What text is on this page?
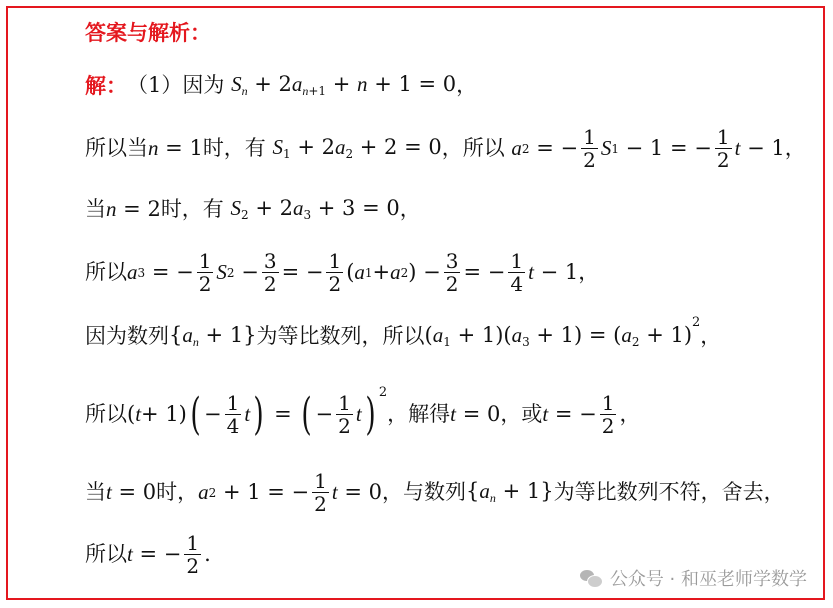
答案与解析：
解： （1）因为 $S_n + 2a_{n+1} + n + 1 = 0$ ，
所以当 n = 1 时，有 $S_1 + 2a_2 + 2 = 0$ ，所以
a 2 = − $\frac{1}{2}$ S 1 − 1 = − $\frac{1}{2}$ t − 1 ，
当 n = 2 时，有 $S_2 + 2a_3 + 3 = 0$ ，
所以 a 3 = − $\frac{1}{2}$ S $2 - \frac{3}{2}$ = − $\frac{1}{2}$ ( a 1 + a 2 ) − $\frac{3}{2}$ = − $\frac{1}{4}$ t − 1 ，
因为数列 $\{a_n + 1\}$ 为等比数列，所以 $(a_1 + 1)(a_3 + 1) = (a_2 + 1)^2$
，
所以 ( t + 1) ( − $\frac{1}{4}$ t ) = ( − $\frac{1}{2}$ t ) 2
，解得 t = 0 ，或 t = − $\frac{1}{2}$ ，
当 t = 0 时， a 2 + 1 = − $\frac{1}{2}$ t = 0 ，与数列 $\{a_n + 1\}$ 为等比数列不符，舍去，
所以 t = − $\frac{1}{2}$ .
公众号 · 和巫老师学数学
